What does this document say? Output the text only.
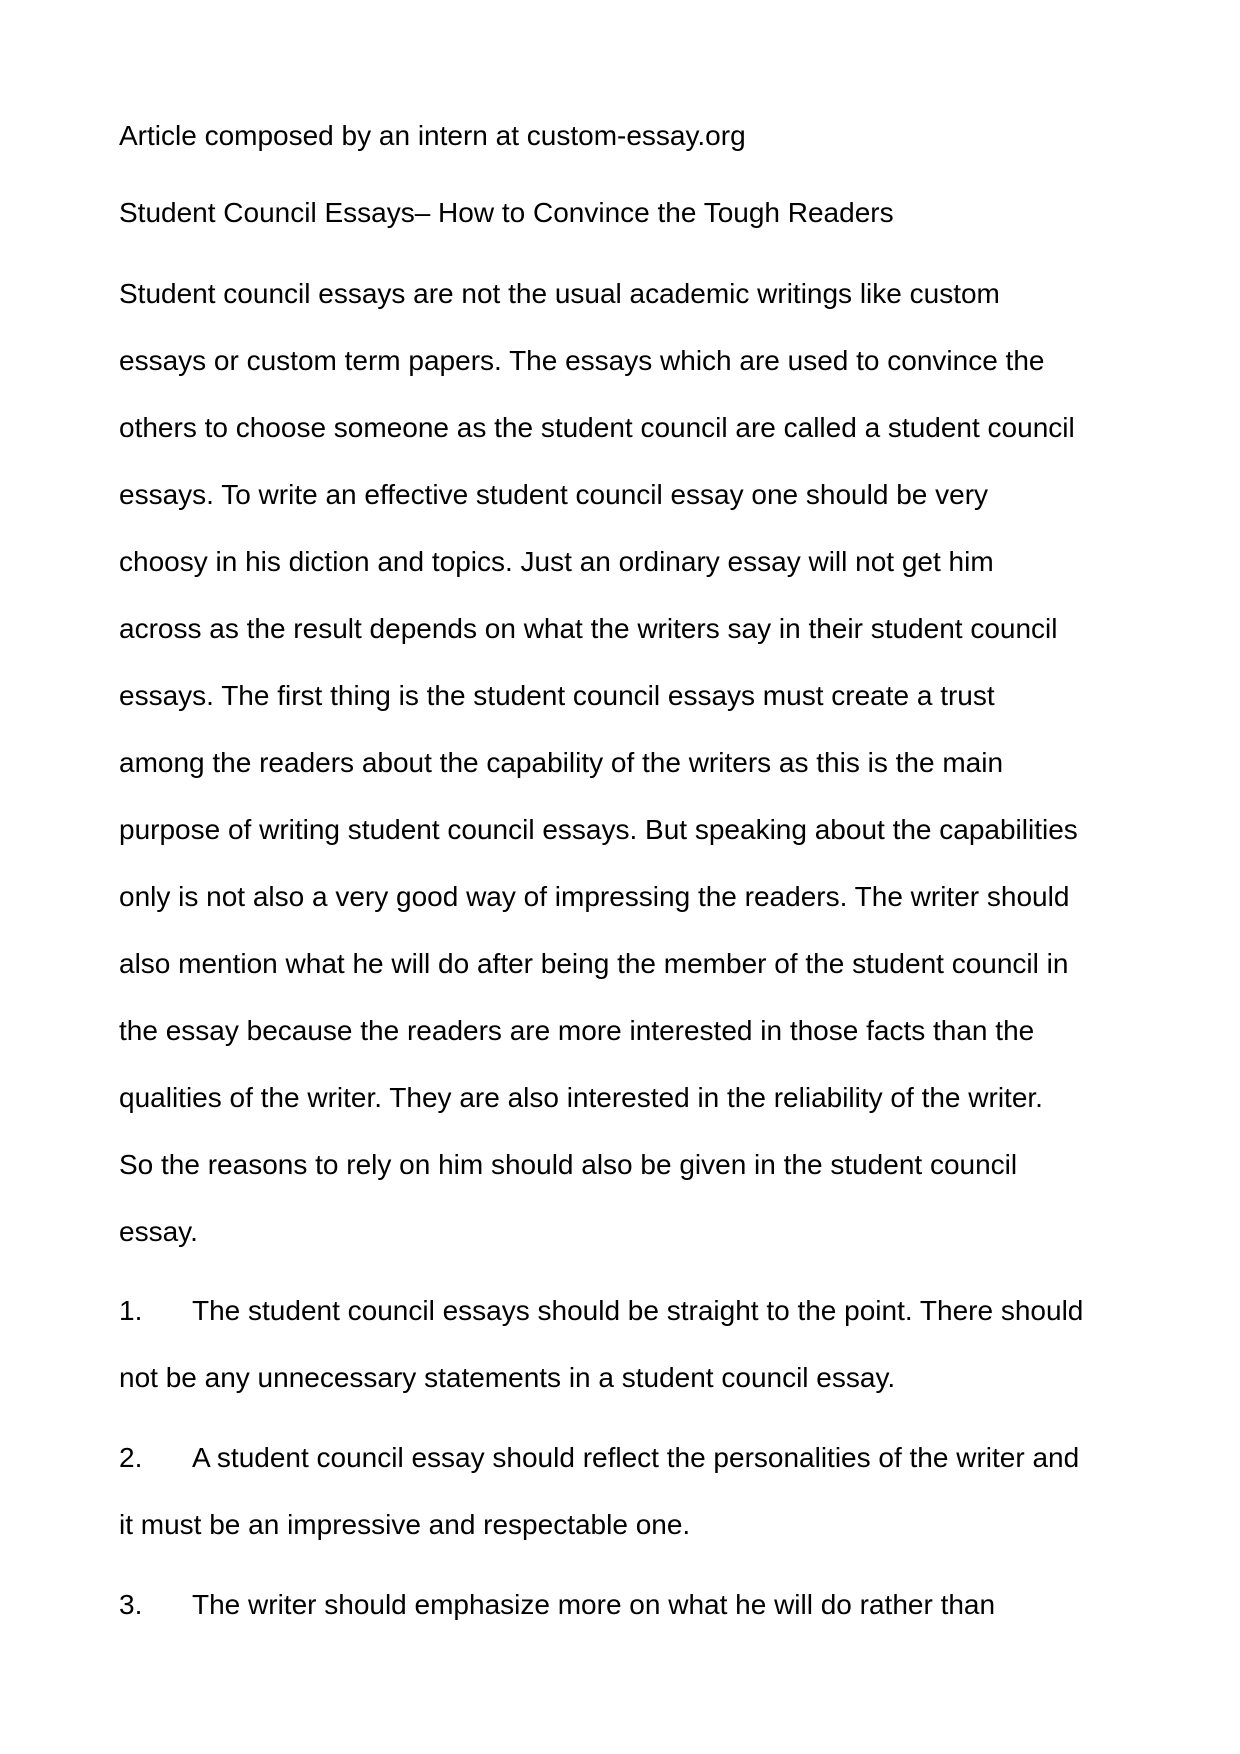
Article composed by an intern at custom-essay.org
Student Council Essays– How to Convince the Tough Readers
Student council essays are not the usual academic writings like custom
essays or custom term papers. The essays which are used to convince the
others to choose someone as the student council are called a student council
essays. To write an effective student council essay one should be very
choosy in his diction and topics. Just an ordinary essay will not get him
across as the result depends on what the writers say in their student council
essays. The first thing is the student council essays must create a trust
among the readers about the capability of the writers as this is the main
purpose of writing student council essays. But speaking about the capabilities
only is not also a very good way of impressing the readers. The writer should
also mention what he will do after being the member of the student council in
the essay because the readers are more interested in those facts than the
qualities of the writer. They are also interested in the reliability of the writer.
So the reasons to rely on him should also be given in the student council
essay.
1. The student council essays should be straight to the point. There should
not be any unnecessary statements in a student council essay.
2. A student council essay should reflect the personalities of the writer and
it must be an impressive and respectable one.
3. The writer should emphasize more on what he will do rather than
